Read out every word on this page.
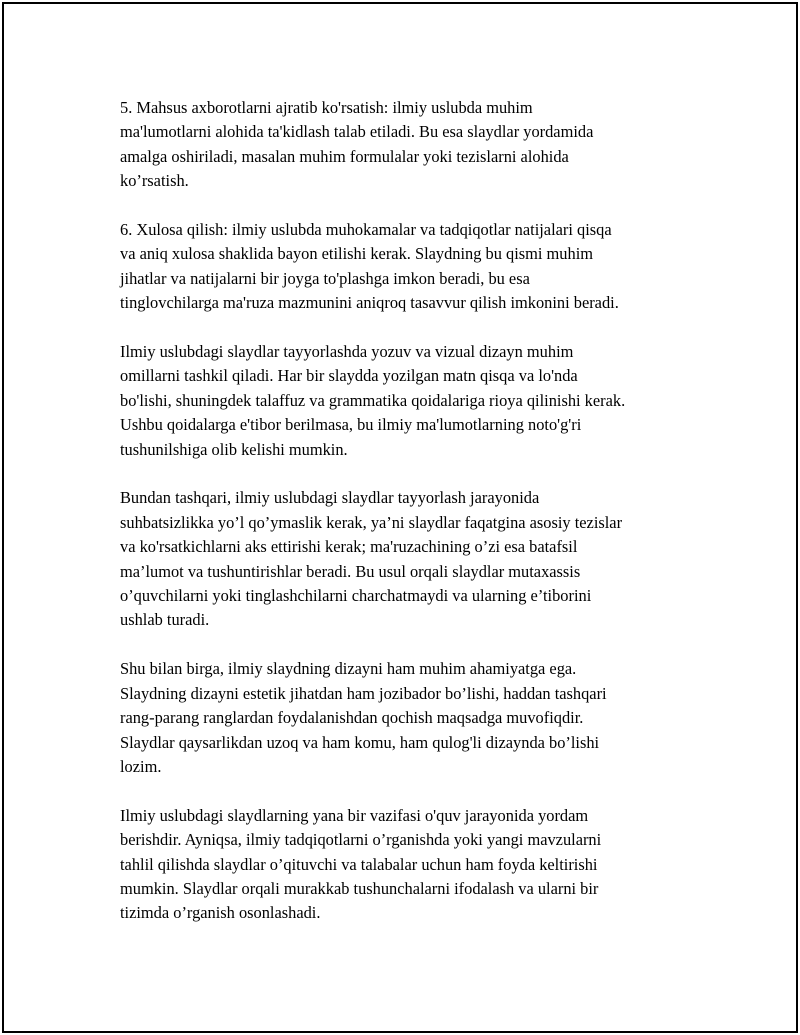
5. Mahsus axborotlarni ajratib ko'rsatish: ilmiy uslubda muhim
ma'lumotlarni alohida ta'kidlash talab etiladi. Bu esa slaydlar yordamida
amalga oshiriladi, masalan muhim formulalar yoki tezislarni alohida
ko’rsatish.

6. Xulosa qilish: ilmiy uslubda muhokamalar va tadqiqotlar natijalari qisqa
va aniq xulosa shaklida bayon etilishi kerak. Slaydning bu qismi muhim
jihatlar va natijalarni bir joyga to'plashga imkon beradi, bu esa
tinglovchilarga ma'ruza mazmunini aniqroq tasavvur qilish imkonini beradi.

Ilmiy uslubdagi slaydlar tayyorlashda yozuv va vizual dizayn muhim
omillarni tashkil qiladi. Har bir slaydda yozilgan matn qisqa va lo'nda
bo'lishi, shuningdek talaffuz va grammatika qoidalariga rioya qilinishi kerak.
Ushbu qoidalarga e'tibor berilmasa, bu ilmiy ma'lumotlarning noto'g'ri
tushunilshiga olib kelishi mumkin.

Bundan tashqari, ilmiy uslubdagi slaydlar tayyorlash jarayonida
suhbatsizlikka yo’l qo’ymaslik kerak, ya’ni slaydlar faqatgina asosiy tezislar
va ko'rsatkichlarni aks ettirishi kerak; ma'ruzachining o’zi esa batafsil
ma’lumot va tushuntirishlar beradi. Bu usul orqali slaydlar mutaxassis
o’quvchilarni yoki tinglashchilarni charchatmaydi va ularning e’tiborini
ushlab turadi.

Shu bilan birga, ilmiy slaydning dizayni ham muhim ahamiyatga ega.
Slaydning dizayni estetik jihatdan ham jozibador bo’lishi, haddan tashqari
rang-parang ranglardan foydalanishdan qochish maqsadga muvofiqdir.
Slaydlar qaysarlikdan uzoq va ham komu, ham qulog'li dizaynda bo’lishi
lozim.

Ilmiy uslubdagi slaydlarning yana bir vazifasi o'quv jarayonida yordam
berishdir. Ayniqsa, ilmiy tadqiqotlarni o’rganishda yoki yangi mavzularni
tahlil qilishda slaydlar o’qituvchi va talabalar uchun ham foyda keltirishi
mumkin. Slaydlar orqali murakkab tushunchalarni ifodalash va ularni bir
tizimda o’rganish osonlashadi.
